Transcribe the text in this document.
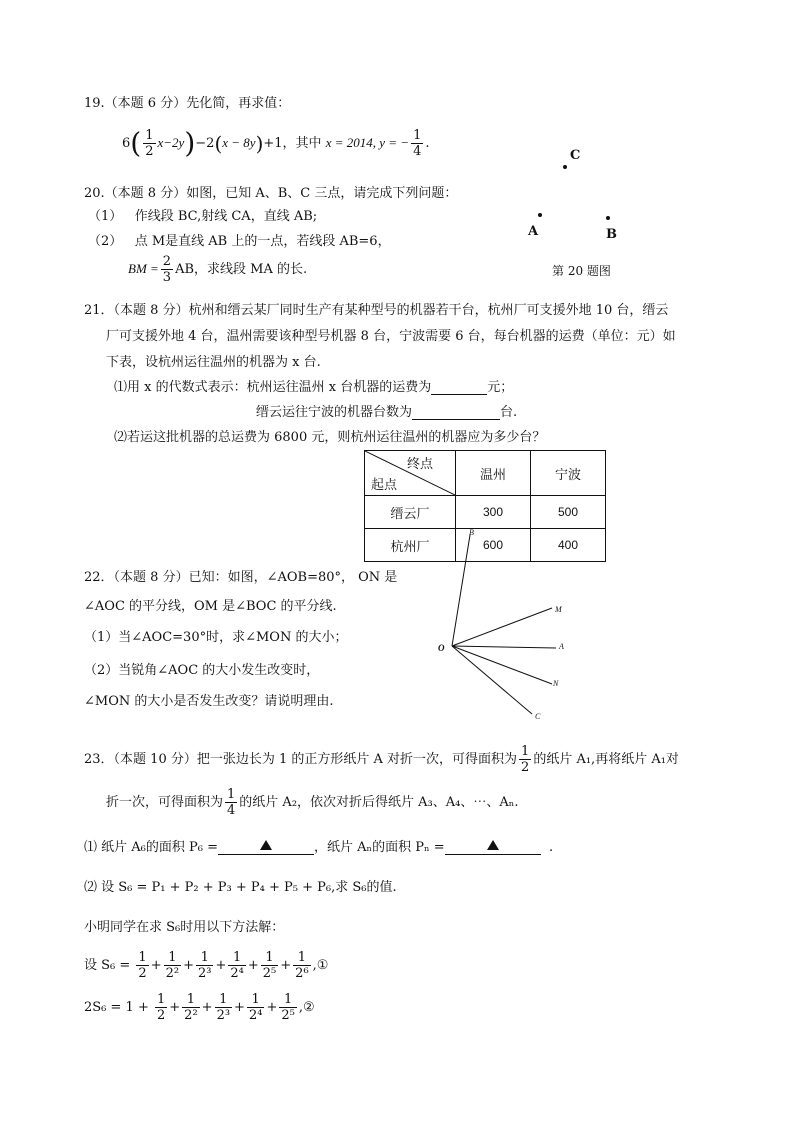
19.（本题 6 分）先化简，再求值：
$6( \frac{1}{2} x-2y)-2(x - 8y)+1$，其中 x = 2014, y = − $\frac{1}{4}$ .
20.（本题 8 分）如图，已知 A、B、C 三点，请完成下列问题：
（1） 作线段 BC,射线 CA，直线 AB;
（2） 点 M是直线 AB 上的一点，若线段 AB=6，
BM = $\frac{2}{3}$ AB，求线段 MA 的长.
C
A	B
第 20 题图
21．（本题 8 分）杭州和缙云某厂同时生产有某种型号的机器若干台，杭州厂可支援外地 10 台，缙云
厂可支援外地 4 台，温州需要该种型号机器 8 台，宁波需要 6 台，每台机器的运费（单位：元）如
下表，设杭州运往温州的机器为 x 台.
⑴用 x 的代数式表示：杭州运往温州 x 台机器的运费为	元；
缙云运往宁波的机器台数为	台.
⑵若运这批机器的总运费为 6800 元，则杭州运往温州的机器应为多少台？
终点
起点	温州	宁波
缙云厂	300	500
杭州厂	600	400
22．（本题 8 分）已知：如图，∠AOB=80°， ON 是
∠AOC 的平分线，OM 是∠BOC 的平分线.
（1）当∠AOC=30°时，求∠MON 的大小；
（2）当锐角∠AOC 的大小发生改变时，
∠MON 的大小是否发生改变？请说明理由.
O
B
M
A
N
C
23．（本题 10 分）把一张边长为 1 的正方形纸片 A 对折一次，可得面积为 $\frac{1}{2}$ 的纸片 A₁,再将纸片 A₁对
折一次，可得面积为 $\frac{1}{4}$ 的纸片 A₂，依次对折后得纸片 A₃、A₄、⋯、Aₙ.
⑴ 纸片 A₆的面积 P₆ =	，纸片 Aₙ的面积 Pₙ =	.
⑵ 设 S₆ = P₁ + P₂ + P₃ + P₄ + P₅ + P₆,求 S₆的值.
小明同学在求 S₆时用以下方法解：
设 $S_6 = \frac{1}{2} + \frac{1}{\text{2²}} + \frac{1}{\text{2³}} + \frac{1}{\text{2⁴}} + \frac{1}{\text{2⁵}} + \frac{1}{\text{2⁶}}$ ,①
$2S_6 = 1 + \frac{1}{2} + \frac{1}{\text{2²}} + \frac{1}{\text{2³}} + \frac{1}{\text{2⁴}} + \frac{1}{\text{2⁵}}$ ,②
